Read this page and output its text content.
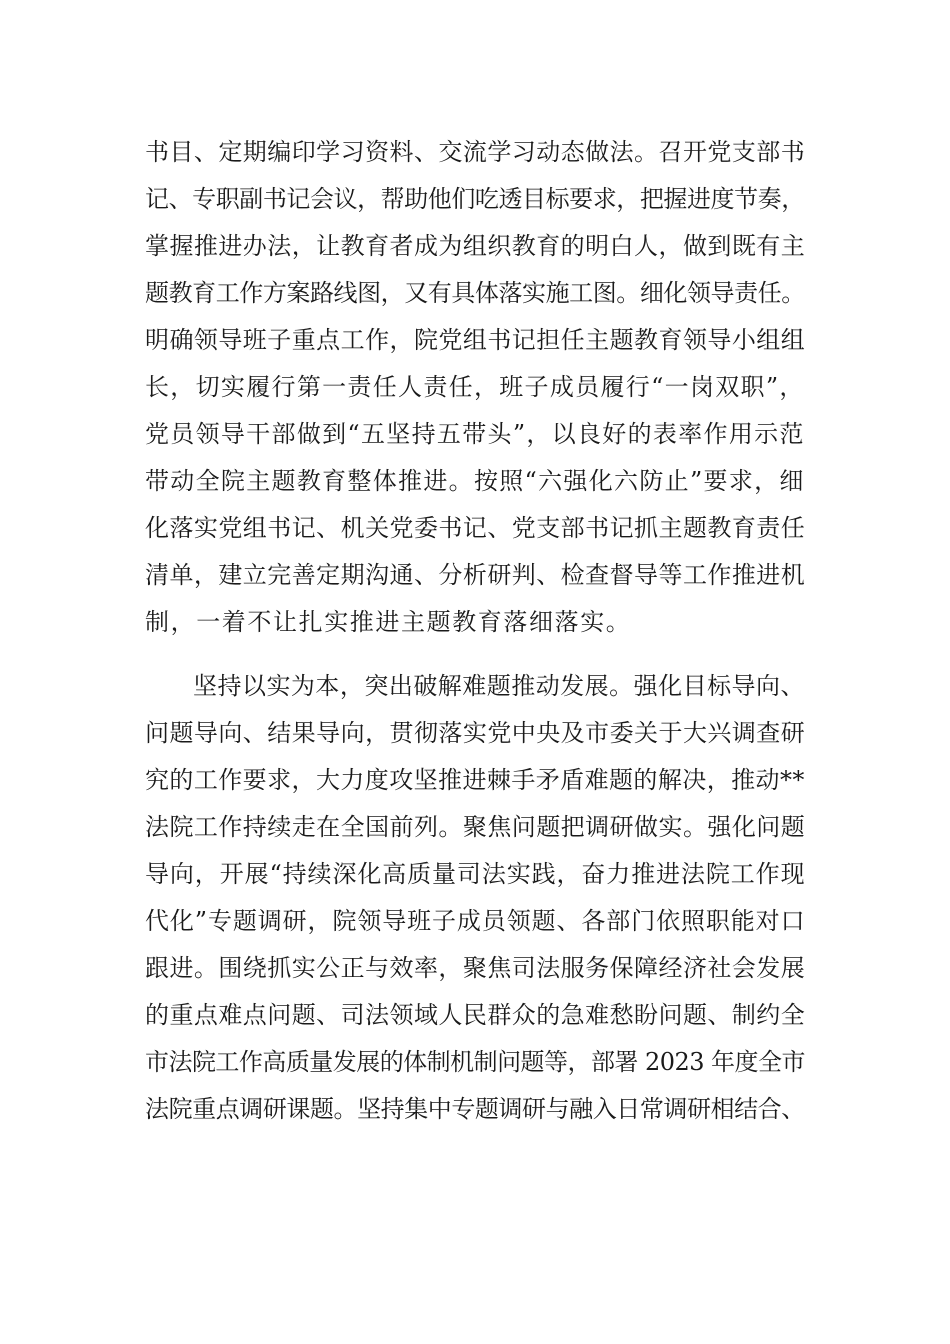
书目、定期编印学习资料、交流学习动态做法。召开党支部书
记、专职副书记会议，帮助他们吃透目标要求，把握进度节奏，
掌握推进办法，让教育者成为组织教育的明白人，做到既有主
题教育工作方案路线图，又有具体落实施工图。细化领导责任。
明确领导班子重点工作，院党组书记担任主题教育领导小组组
长，切实履行第一责任人责任，班子成员履行“一岗双职”，
党员领导干部做到“五坚持五带头”，以良好的表率作用示范
带动全院主题教育整体推进。按照“六强化六防止”要求，细
化落实党组书记、机关党委书记、党支部书记抓主题教育责任
清单，建立完善定期沟通、分析研判、检查督导等工作推进机
制，一着不让扎实推进主题教育落细落实。
坚持以实为本，突出破解难题推动发展。强化目标导向、
问题导向、结果导向，贯彻落实党中央及市委关于大兴调查研
究的工作要求，大力度攻坚推进棘手矛盾难题的解决，推动**
法院工作持续走在全国前列。聚焦问题把调研做实。强化问题
导向，开展“持续深化高质量司法实践，奋力推进法院工作现
代化”专题调研，院领导班子成员领题、各部门依照职能对口
跟进。围绕抓实公正与效率，聚焦司法服务保障经济社会发展
的重点难点问题、司法领域人民群众的急难愁盼问题、制约全
市法院工作高质量发展的体制机制问题等，部署 2023 年度全市
法院重点调研课题。坚持集中专题调研与融入日常调研相结合、
